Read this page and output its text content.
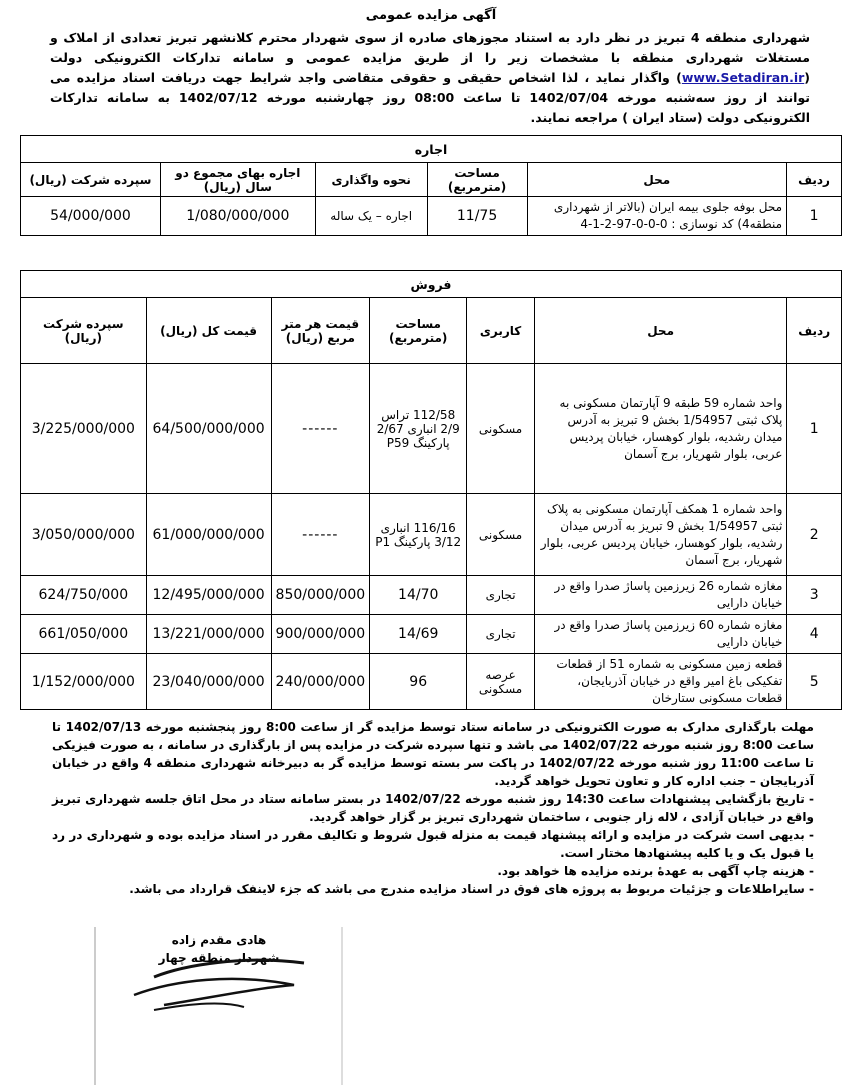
آگهی مزایده عمومی

شهرداری منطقه 4 تبریز در نظر دارد به استناد مجوزهای صادره از سوی شهردار محترم کلانشهر تبریز تعدادی از املاک و مستغلات شهرداری منطقه با مشخصات زیر را از طریق مزایده عمومی و سامانه تدارکات الکترونیکی دولت (www.Setadiran.ir) واگذار نماید ، لذا اشخاص حقیقی و حقوقی متقاضی واجد شرایط جهت دریافت اسناد مزایده می توانند از روز سه‌شنبه مورخه 1402/07/04 تا ساعت 08:00 روز چهارشنبه مورخه 1402/07/12 به سامانه تدارکات الکترونیکی دولت (ستاد ایران ) مراجعه نمایند.

اجاره					
ردیف	محل	مساحت (مترمربع)	نحوه واگذاری	اجاره بهای مجموع دو سال (ریال)	سپرده شرکت (ریال)
1	محل بوفه جلوی بیمه ایران (بالاتر از شهرداری منطقه4) کد نوسازی : 0-0-0-97-2-1-4	11/75	اجاره – یک ساله	1/080/000/000	54/000/000
فروش						
ردیف	محل	کاربری	مساحت (مترمربع)	قیمت هر متر مربع (ریال)	قیمت کل (ریال)	سپرده شرکت (ریال)
1	واحد شماره 59 طبقه 9 آپارتمان مسکونی به پلاک ثبتی 1/54957 بخش 9 تبریز به آدرس میدان رشدیه، بلوار کوهسار، خیابان پردیس عربی، بلوار شهریار، برج آسمان	مسکونی	112/58 تراس 2/9 انباری 2/67 پارکینگ P59	------	64/500/000/000	3/225/000/000
2	واحد شماره 1 همکف آپارتمان مسکونی به پلاک ثبتی 1/54957 بخش 9 تبریز به آدرس میدان رشدیه، بلوار کوهسار، خیابان پردیس عربی، بلوار شهریار، برج آسمان	مسکونی	116/16 انباری 3/12 پارکینگ P1	------	61/000/000/000	3/050/000/000
3	مغازه شماره 26 زیرزمین پاساژ صدرا واقع در خیابان دارایی	تجاری	14/70	850/000/000	12/495/000/000	624/750/000
4	مغازه شماره 60 زیرزمین پاساژ صدرا واقع در خیابان دارایی	تجاری	14/69	900/000/000	13/221/000/000	661/050/000
5	قطعه زمین مسکونی به شماره 51 از قطعات تفکیکی باغ امیر واقع در خیابان آذربایجان، قطعات مسکونی ستارخان	عرصه مسکونی	96	240/000/000	23/040/000/000	1/152/000/000

مهلت بارگذاری مدارک به صورت الکترونیکی در سامانه ستاد توسط مزایده گر از ساعت 8:00 روز پنجشنبه مورخه 1402/07/13 تا ساعت 8:00 روز شنبه مورخه 1402/07/22 می باشد و تنها سپرده شرکت در مزایده پس از بارگذاری در سامانه ، به صورت فیزیکی تا ساعت 11:00 روز شنبه مورخه 1402/07/22 در پاکت سر بسته توسط مزایده گر به دبیرخانه شهرداری منطقه 4 واقع در خیابان آذربایجان – جنب اداره کار و تعاون تحویل خواهد گردید.

- تاریخ بازگشایی پیشنهادات ساعت 14:30 روز شنبه مورخه 1402/07/22 در بستر سامانه ستاد در محل اتاق جلسه شهرداری تبریز واقع در خیابان آزادی ، لاله زار جنوبی ، ساختمان شهرداری تبریز بر گزار خواهد گردید.

- بدیهی است شرکت در مزایده و ارائه پیشنهاد قیمت به منزله قبول شروط و تکالیف مقرر در اسناد مزایده بوده و شهرداری در رد یا قبول یک و یا کلیه پیشنهادها مختار است.

- هزینه چاپ آگهی به عهدهٔ برنده مزایده ها خواهد بود.

- سایراطلاعات و جزئیات مربوط به پروژه های فوق در اسناد مزایده مندرج می باشد که جزء لاینفک قرارداد می باشد.

هادی مقدم زاده
شهردار منطقه چهار
